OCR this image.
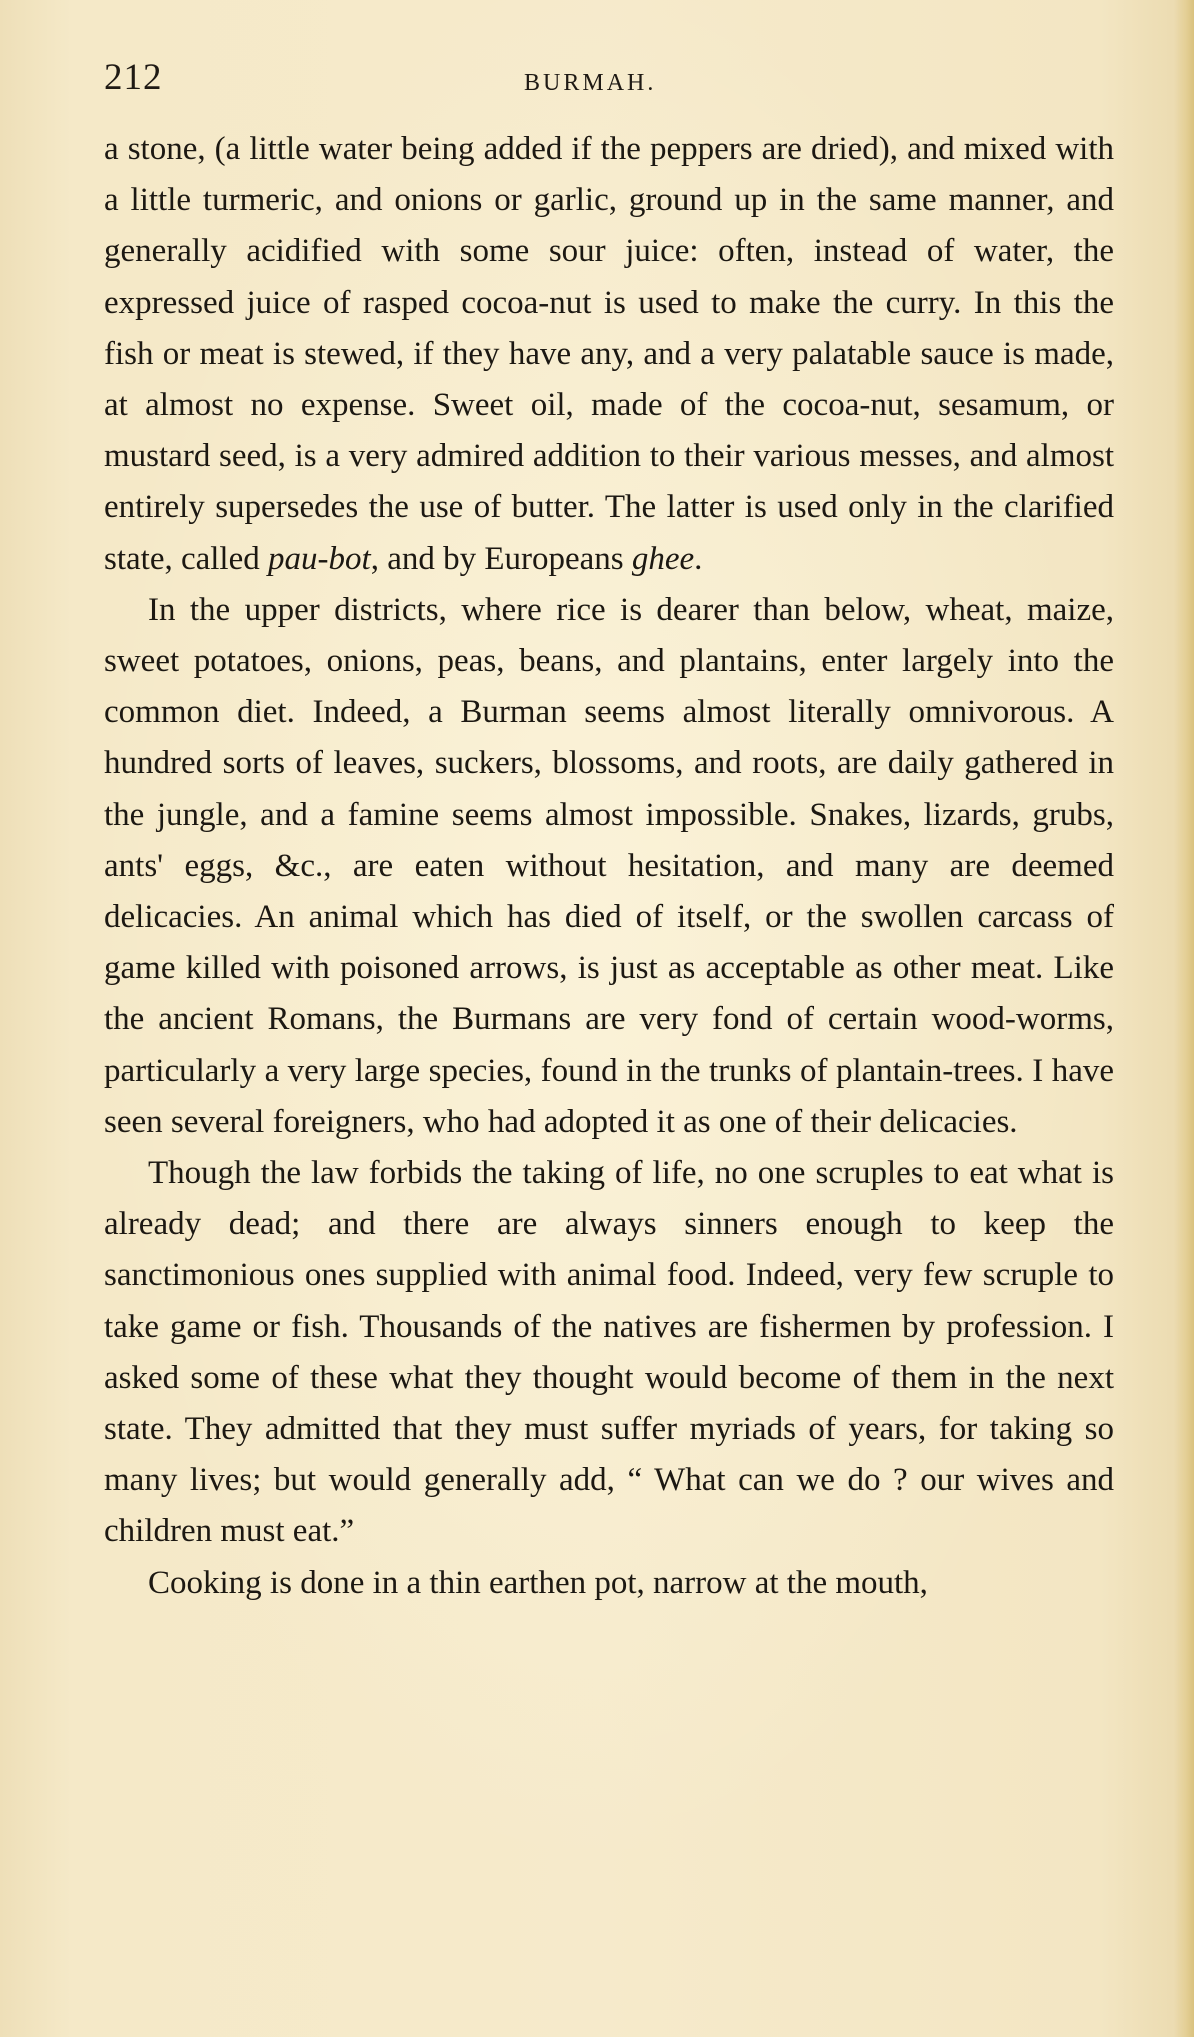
212	BURMAH.

a stone, (a little water being added if the peppers are dried), and mixed with a little turmeric, and onions or garlic, ground up in the same manner, and generally acidified with some sour juice: often, instead of water, the expressed juice of rasped cocoa-nut is used to make the curry. In this the fish or meat is stewed, if they have any, and a very palatable sauce is made, at almost no expense. Sweet oil, made of the cocoa-nut, sesamum, or mustard seed, is a very admired addition to their various messes, and almost entirely supersedes the use of butter. The latter is used only in the clarified state, called pau-bot, and by Europeans ghee.

In the upper districts, where rice is dearer than below, wheat, maize, sweet potatoes, onions, peas, beans, and plantains, enter largely into the common diet. Indeed, a Burman seems almost literally omnivorous. A hundred sorts of leaves, suckers, blossoms, and roots, are daily gathered in the jungle, and a famine seems almost impossible. Snakes, lizards, grubs, ants' eggs, &c., are eaten without hesitation, and many are deemed delicacies. An animal which has died of itself, or the swollen carcass of game killed with poisoned arrows, is just as acceptable as other meat. Like the ancient Romans, the Burmans are very fond of certain wood-worms, particularly a very large species, found in the trunks of plantain-trees. I have seen several foreigners, who had adopted it as one of their delicacies.

Though the law forbids the taking of life, no one scruples to eat what is already dead; and there are always sinners enough to keep the sanctimonious ones supplied with animal food. Indeed, very few scruple to take game or fish. Thousands of the natives are fishermen by profession. I asked some of these what they thought would become of them in the next state. They admitted that they must suffer myriads of years, for taking so many lives; but would generally add, “ What can we do ? our wives and children must eat.”

Cooking is done in a thin earthen pot, narrow at the mouth,
